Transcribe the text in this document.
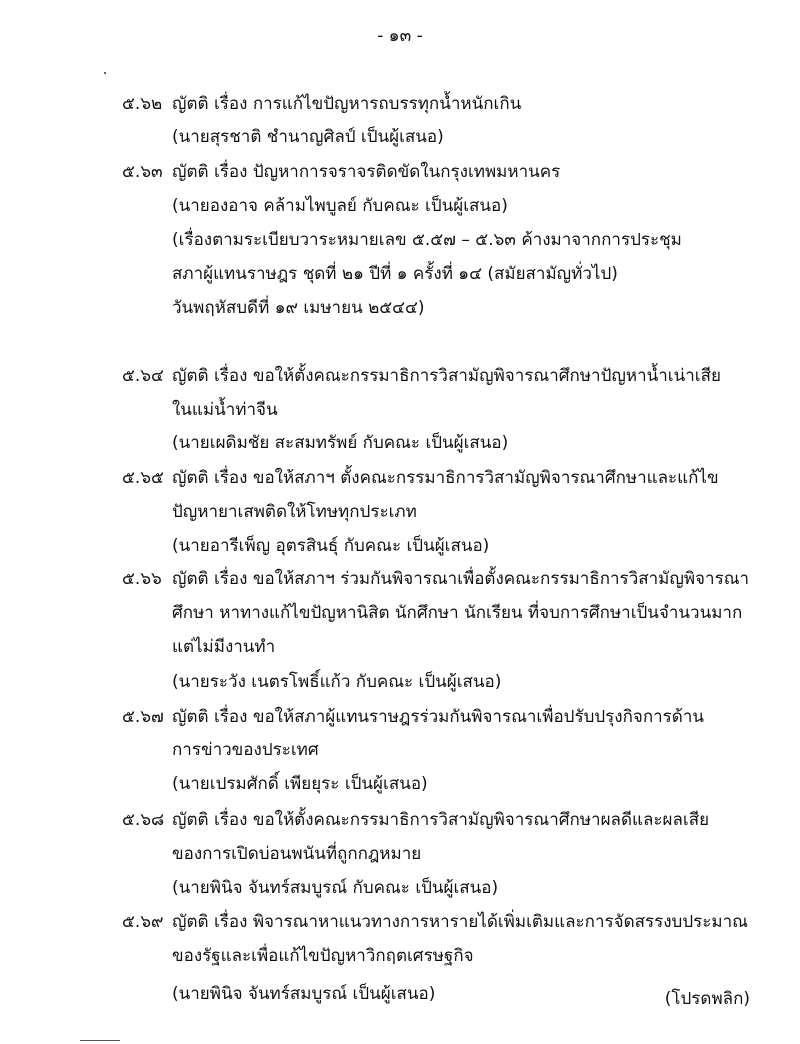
- ๑๓ -
๕.๖๒ ญัตติ เรื่อง การแก้ไขปัญหารถบรรทุกน้ำหนักเกิน
(นายสุรชาติ ชำนาญศิลป์ เป็นผู้เสนอ)
๕.๖๓ ญัตติ เรื่อง ปัญหาการจราจรติดขัดในกรุงเทพมหานคร
(นายองอาจ คล้ามไพบูลย์ กับคณะ เป็นผู้เสนอ)
(เรื่องตามระเบียบวาระหมายเลข ๕.๕๗ – ๕.๖๓ ค้างมาจากการประชุม
สภาผู้แทนราษฎร ชุดที่ ๒๑ ปีที่ ๑ ครั้งที่ ๑๔ (สมัยสามัญทั่วไป)
วันพฤหัสบดีที่ ๑๙ เมษายน ๒๕๔๔)
๕.๖๔ ญัตติ เรื่อง ขอให้ตั้งคณะกรรมาธิการวิสามัญพิจารณาศึกษาปัญหาน้ำเน่าเสีย
ในแม่น้ำท่าจีน
(นายเผดิมชัย สะสมทรัพย์ กับคณะ เป็นผู้เสนอ)
๕.๖๕ ญัตติ เรื่อง ขอให้สภาฯ ตั้งคณะกรรมาธิการวิสามัญพิจารณาศึกษาและแก้ไข
ปัญหายาเสพติดให้โทษทุกประเภท
(นายอารีเพ็ญ อุตรสินธุ์ กับคณะ เป็นผู้เสนอ)
๕.๖๖ ญัตติ เรื่อง ขอให้สภาฯ ร่วมกันพิจารณาเพื่อตั้งคณะกรรมาธิการวิสามัญพิจารณา
ศึกษา หาทางแก้ไขปัญหานิสิต นักศึกษา นักเรียน ที่จบการศึกษาเป็นจำนวนมาก
แต่ไม่มีงานทำ
(นายระวัง เนตรโพธิ์แก้ว กับคณะ เป็นผู้เสนอ)
๕.๖๗ ญัตติ เรื่อง ขอให้สภาผู้แทนราษฎรร่วมกันพิจารณาเพื่อปรับปรุงกิจการด้าน
การข่าวของประเทศ
(นายเปรมศักดิ์ เพียยุระ เป็นผู้เสนอ)
๕.๖๘ ญัตติ เรื่อง ขอให้ตั้งคณะกรรมาธิการวิสามัญพิจารณาศึกษาผลดีและผลเสีย
ของการเปิดบ่อนพนันที่ถูกกฎหมาย
(นายพินิจ จันทร์สมบูรณ์ กับคณะ เป็นผู้เสนอ)
๕.๖๙ ญัตติ เรื่อง พิจารณาหาแนวทางการหารายได้เพิ่มเติมและการจัดสรรงบประมาณ
ของรัฐและเพื่อแก้ไขปัญหาวิกฤตเศรษฐกิจ
(นายพินิจ จันทร์สมบูรณ์ เป็นผู้เสนอ)	(โปรดพลิก)
